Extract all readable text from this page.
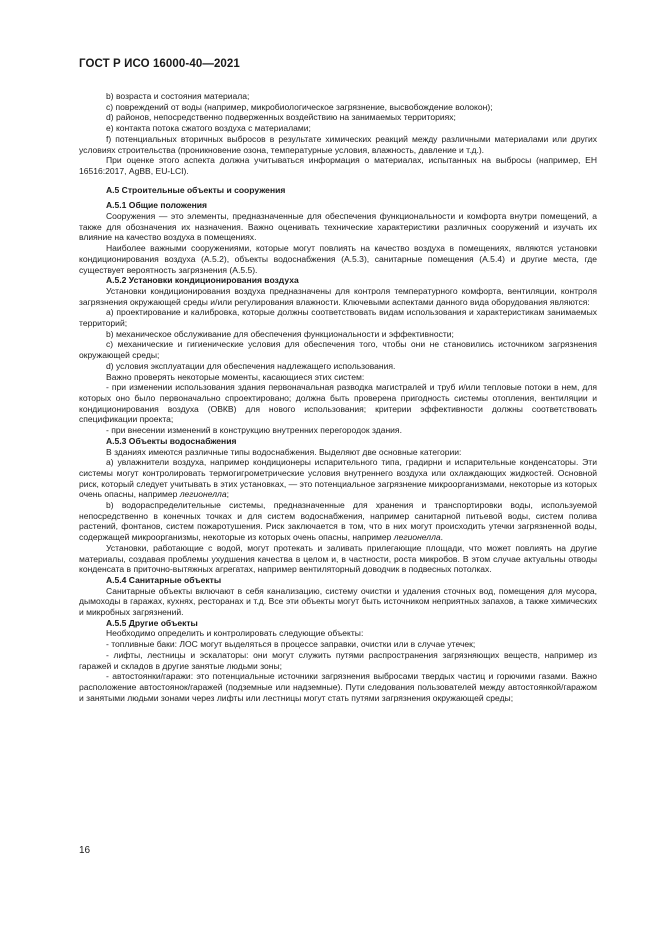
ГОСТ Р ИСО 16000-40—2021

b) возраста и состояния материала;

c) повреждений от воды (например, микробиологическое загрязнение, высвобождение волокон);

d) районов, непосредственно подверженных воздействию на занимаемых территориях;

e) контакта потока сжатого воздуха с материалами;

f) потенциальных вторичных выбросов в результате химических реакций между различными материалами или других условиях строительства (проникновение озона, температурные условия, влажность, давление и т.д.).

При оценке этого аспекта должна учитываться информация о материалах, испытанных на выбросы (например, ЕН 16516:2017, AgBB, EU-LCI).

А.5 Строительные объекты и сооружения
А.5.1 Общие положения

Сооружения — это элементы, предназначенные для обеспечения функциональности и комфорта внутри помещений, а также для обозначения их назначения. Важно оценивать технические характеристики различных сооружений и изучать их влияние на качество воздуха в помещениях.

Наиболее важными сооружениями, которые могут повлиять на качество воздуха в помещениях, являются установки кондиционирования воздуха (А.5.2), объекты водоснабжения (А.5.3), санитарные помещения (А.5.4) и другие места, где существует вероятность загрязнения (А.5.5).

А.5.2 Установки кондиционирования воздуха

Установки кондиционирования воздуха предназначены для контроля температурного комфорта, вентиляции, контроля загрязнения окружающей среды и/или регулирования влажности. Ключевыми аспектами данного вида оборудования являются:

а) проектирование и калибровка, которые должны соответствовать видам использования и характеристикам занимаемых территорий;

b) механическое обслуживание для обеспечения функциональности и эффективности;

с) механические и гигиенические условия для обеспечения того, чтобы они не становились источником загрязнения окружающей среды;

d) условия эксплуатации для обеспечения надлежащего использования.

Важно проверять некоторые моменты, касающиеся этих систем:

- при изменении использования здания первоначальная разводка магистралей и труб и/или тепловые потоки в нем, для которых оно было первоначально спроектировано; должна быть проверена пригодность системы отопления, вентиляции и кондиционирования воздуха (ОВКВ) для нового использования; критерии эффективности должны соответствовать спецификации проекта;

- при внесении изменений в конструкцию внутренних перегородок здания.

А.5.3 Объекты водоснабжения

В зданиях имеются различные типы водоснабжения. Выделяют две основные категории:

а) увлажнители воздуха, например кондиционеры испарительного типа, градирни и испарительные конденсаторы. Эти системы могут контролировать термогигрометрические условия внутреннего воздуха или охлаждающих жидкостей. Основной риск, который следует учитывать в этих установках, — это потенциальное загрязнение микроорганизмами, некоторые из которых очень опасны, например легионелла;

b) водораспределительные системы, предназначенные для хранения и транспортировки воды, используемой непосредственно в конечных точках и для систем водоснабжения, например санитарной питьевой воды, систем полива растений, фонтанов, систем пожаротушения. Риск заключается в том, что в них могут происходить утечки загрязненной воды, содержащей микроорганизмы, некоторые из которых очень опасны, например легионелла.

Установки, работающие с водой, могут протекать и заливать прилегающие площади, что может повлиять на другие материалы, создавая проблемы ухудшения качества в целом и, в частности, роста микробов. В этом случае актуальны отводы конденсата в приточно-вытяжных агрегатах, например вентиляторный доводчик в подвесных потолках.

А.5.4 Санитарные объекты

Санитарные объекты включают в себя канализацию, систему очистки и удаления сточных вод, помещения для мусора, дымоходы в гаражах, кухнях, ресторанах и т.д. Все эти объекты могут быть источником неприятных запахов, а также химических и микробных загрязнений.

А.5.5 Другие объекты

Необходимо определить и контролировать следующие объекты:

- топливные баки: ЛОС могут выделяться в процессе заправки, очистки или в случае утечек;

- лифты, лестницы и эскалаторы: они могут служить путями распространения загрязняющих веществ, например из гаражей и складов в другие занятые людьми зоны;

- автостоянки/гаражи: это потенциальные источники загрязнения выбросами твердых частиц и горючими газами. Важно расположение автостоянок/гаражей (подземные или надземные). Пути следования пользователей между автостоянкой/гаражом и занятыми людьми зонами через лифты или лестницы могут стать путями загрязнения окружающей среды;

16
